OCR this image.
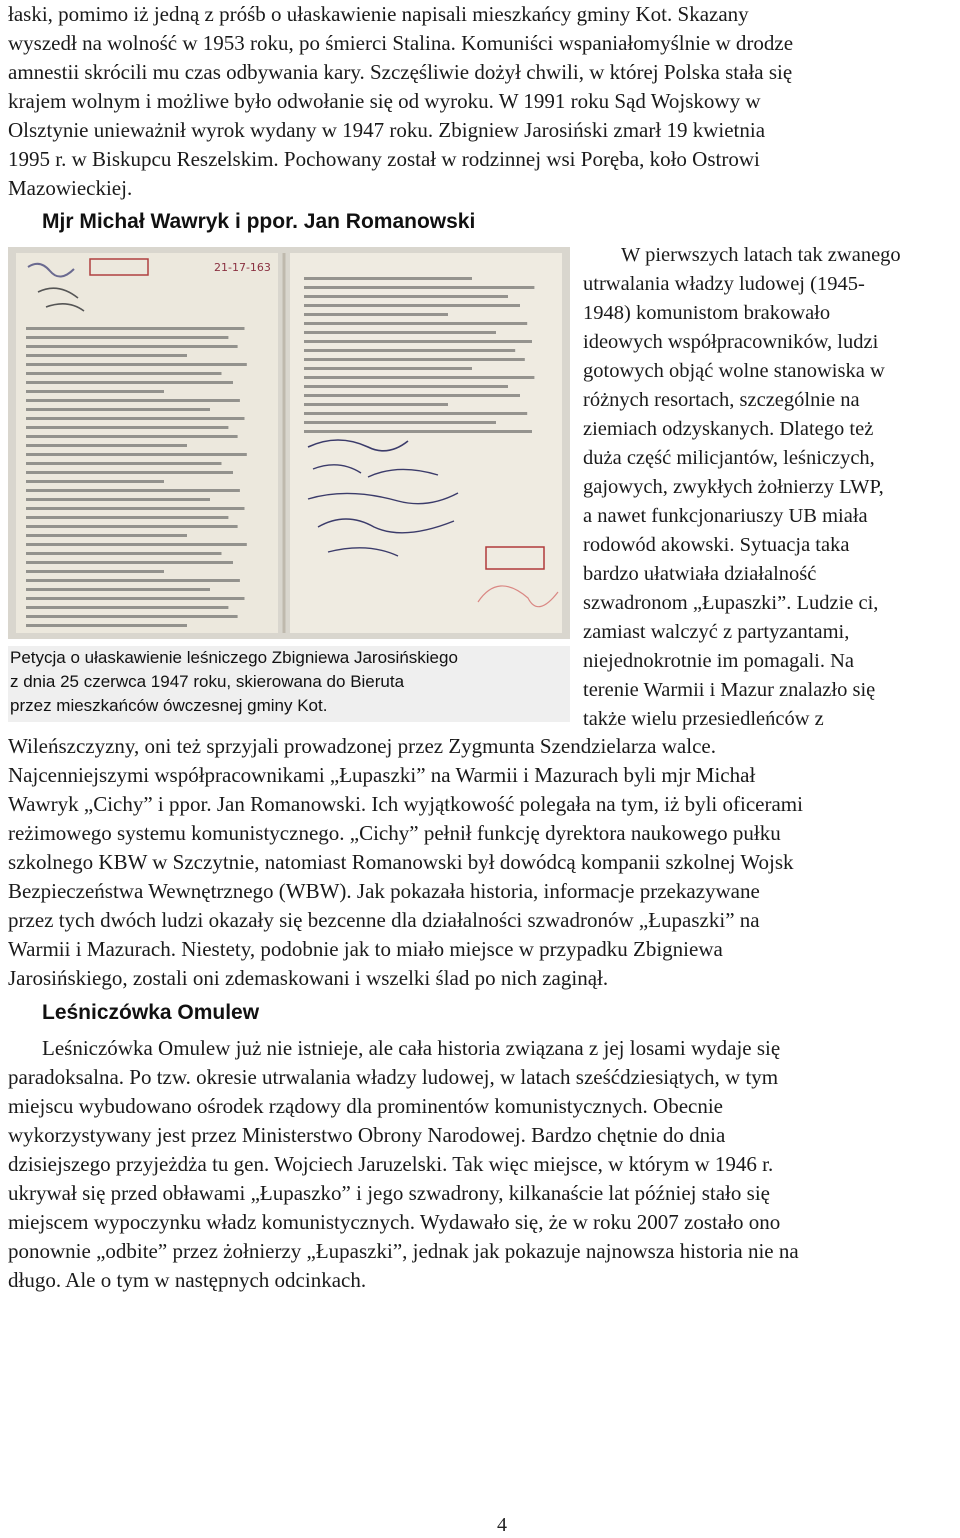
łaski, pomimo iż jedną z próśb o ułaskawienie napisali mieszkańcy gminy Kot. Skazany
wyszedł na wolność w 1953 roku, po śmierci Stalina. Komuniści wspaniałomyślnie w drodze
amnestii skrócili mu czas odbywania kary. Szczęśliwie dożył chwili, w której Polska stała się
krajem wolnym i możliwe było odwołanie się od wyroku. W 1991 roku Sąd Wojskowy w
Olsztynie unieważnił wyrok wydany w 1947 roku. Zbigniew Jarosiński zmarł 19 kwietnia
1995 r. w Biskupcu Reszelskim. Pochowany został w rodzinnej wsi Poręba, koło Ostrowi
Mazowieckiej.
Mjr Michał Wawryk i ppor. Jan Romanowski
21-17-163
Petycja o ułaskawienie leśniczego Zbigniewa Jarosińskiego
z dnia 25 czerwca 1947 roku, skierowana do Bieruta
przez mieszkańców ówczesnej gminy Kot.
W pierwszych latach tak zwanego
utrwalania władzy ludowej (1945-
1948) komunistom brakowało
ideowych współpracowników, ludzi
gotowych objąć wolne stanowiska w
różnych resortach, szczególnie na
ziemiach odzyskanych. Dlatego też
duża część milicjantów, leśniczych,
gajowych, zwykłych żołnierzy LWP,
a nawet funkcjonariuszy UB miała
rodowód akowski. Sytuacja taka
bardzo ułatwiała działalność
szwadronom „Łupaszki”. Ludzie ci,
zamiast walczyć z partyzantami,
niejednokrotnie im pomagali. Na
terenie Warmii i Mazur znalazło się
także wielu przesiedleńców z
Wileńszczyzny, oni też sprzyjali prowadzonej przez Zygmunta Szendzielarza walce.
Najcenniejszymi współpracownikami „Łupaszki” na Warmii i Mazurach byli mjr Michał
Wawryk „Cichy” i ppor. Jan Romanowski. Ich wyjątkowość polegała na tym, iż byli oficerami
reżimowego systemu komunistycznego. „Cichy” pełnił funkcję dyrektora naukowego pułku
szkolnego KBW w Szczytnie, natomiast Romanowski był dowódcą kompanii szkolnej Wojsk
Bezpieczeństwa Wewnętrznego (WBW). Jak pokazała historia, informacje przekazywane
przez tych dwóch ludzi okazały się bezcenne dla działalności szwadronów „Łupaszki” na
Warmii i Mazurach. Niestety, podobnie jak to miało miejsce w przypadku Zbigniewa
Jarosińskiego, zostali oni zdemaskowani i wszelki ślad po nich zaginął.
Leśniczówka Omulew
Leśniczówka Omulew już nie istnieje, ale cała historia związana z jej losami wydaje się
paradoksalna. Po tzw. okresie utrwalania władzy ludowej, w latach sześćdziesiątych, w tym
miejscu wybudowano ośrodek rządowy dla prominentów komunistycznych. Obecnie
wykorzystywany jest przez Ministerstwo Obrony Narodowej. Bardzo chętnie do dnia
dzisiejszego przyjeżdża tu gen. Wojciech Jaruzelski. Tak więc miejsce, w którym w 1946 r.
ukrywał się przed obławami „Łupaszko” i jego szwadrony, kilkanaście lat później stało się
miejscem wypoczynku władz komunistycznych. Wydawało się, że w roku 2007 zostało ono
ponownie „odbite” przez żołnierzy „Łupaszki”, jednak jak pokazuje najnowsza historia nie na
długo. Ale o tym w następnych odcinkach.
4
